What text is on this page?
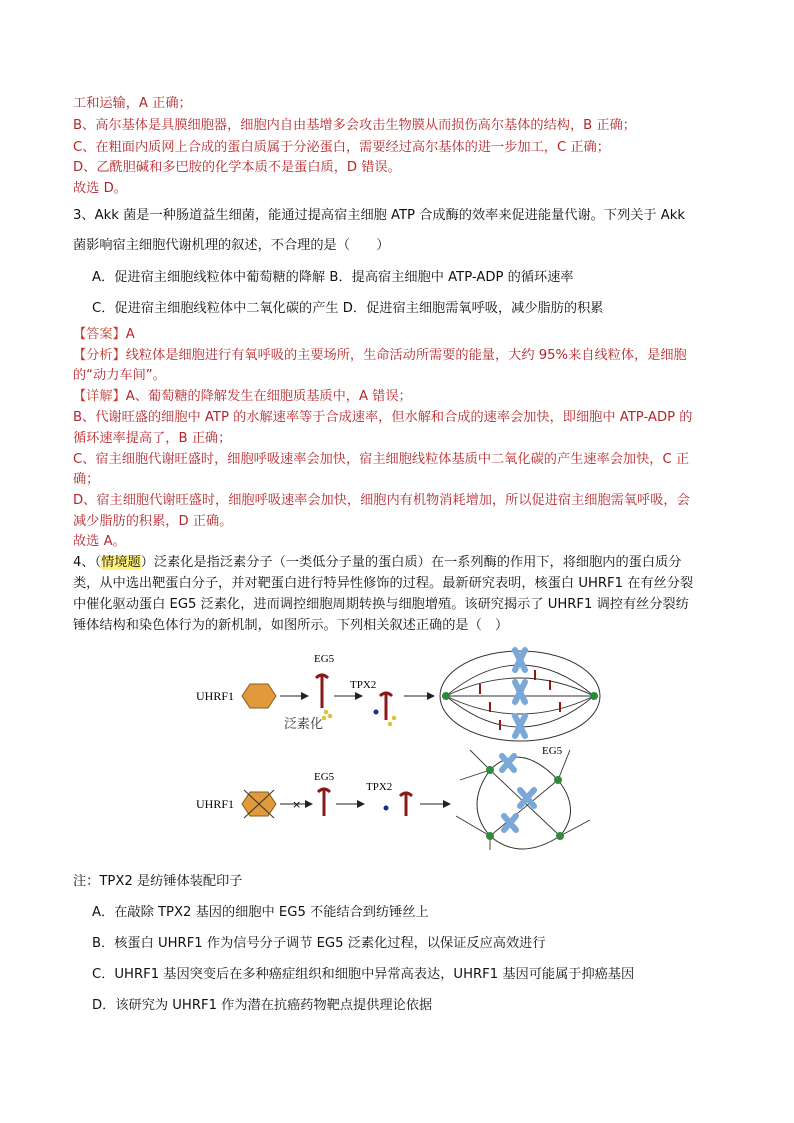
工和运输，A 正确；
B、高尔基体是具膜细胞器，细胞内自由基增多会攻击生物膜从而损伤高尔基体的结构，B 正确；
C、在粗面内质网上合成的蛋白质属于分泌蛋白，需要经过高尔基体的进一步加工，C 正确；
D、乙酰胆碱和多巴胺的化学本质不是蛋白质，D 错误。
故选 D。
3、Akk 菌是一种肠道益生细菌，能通过提高宿主细胞 ATP 合成酶的效率来促进能量代谢。下列关于 Akk
菌影响宿主细胞代谢机理的叙述，不合理的是（　　）
A．促进宿主细胞线粒体中葡萄糖的降解 B．提高宿主细胞中 ATP-ADP 的循环速率
C．促进宿主细胞线粒体中二氧化碳的产生 D．促进宿主细胞需氧呼吸，减少脂肪的积累
【答案】A
【分析】线粒体是细胞进行有氧呼吸的主要场所，生命活动所需要的能量，大约 95%来自线粒体，是细胞
的“动力车间”。
【详解】A、葡萄糖的降解发生在细胞质基质中，A 错误；
B、代谢旺盛的细胞中 ATP 的水解速率等于合成速率，但水解和合成的速率会加快，即细胞中 ATP-ADP 的
循环速率提高了，B 正确；
C、宿主细胞代谢旺盛时，细胞呼吸速率会加快，宿主细胞线粒体基质中二氧化碳的产生速率会加快，C 正
确；
D、宿主细胞代谢旺盛时，细胞呼吸速率会加快，细胞内有机物消耗增加，所以促进宿主细胞需氧呼吸，会
减少脂肪的积累，D 正确。
故选 A。
4、（情境题）泛素化是指泛素分子（一类低分子量的蛋白质）在一系列酶的作用下，将细胞内的蛋白质分
类，从中选出靶蛋白分子，并对靶蛋白进行特异性修饰的过程。最新研究表明，核蛋白 UHRF1 在有丝分裂
中催化驱动蛋白 EG5 泛素化，进而调控细胞周期转换与细胞增殖。该研究揭示了 UHRF1 调控有丝分裂纺
锤体结构和染色体行为的新机制，如图所示。下列相关叙述正确的是（　）
UHRF1
EG5
泛素化
TPX2
UHRF1	×
EG5
TPX2
EG5
注：TPX2 是纺锤体装配印子
A．在敲除 TPX2 基因的细胞中 EG5 不能结合到纺锤丝上
B．核蛋白 UHRF1 作为信号分子调节 EG5 泛素化过程，以保证反应高效进行
C．UHRF1 基因突变后在多种癌症组织和细胞中异常高表达，UHRF1 基因可能属于抑癌基因
D．该研究为 UHRF1 作为潜在抗癌药物靶点提供理论依据
